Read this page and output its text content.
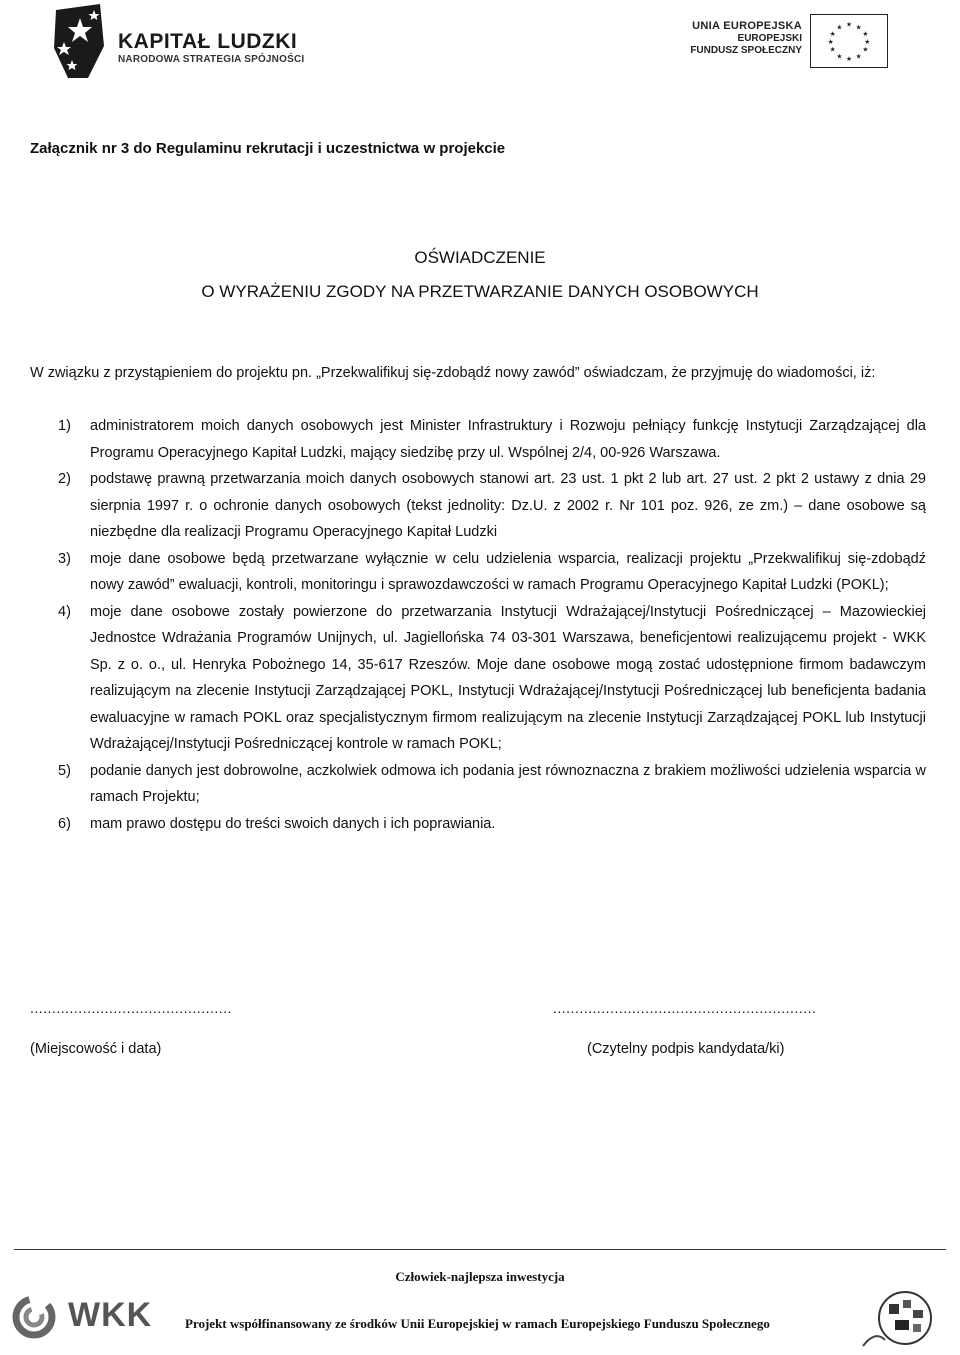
KAPITAŁ LUDZKI
NARODOWA STRATEGIA SPÓJNOŚCI
UNIA EUROPEJSKA
EUROPEJSKI
FUNDUSZ SPOŁECZNY
★ ★
★
★
★
★
★
★
★
★
★
★
Załącznik nr 3 do Regulaminu rekrutacji i uczestnictwa w projekcie
OŚWIADCZENIE
O WYRAŻENIU ZGODY NA PRZETWARZANIE DANYCH OSOBOWYCH
W związku z przystąpieniem do projektu pn. „Przekwalifikuj się-zdobądź nowy zawód” oświadczam, że przyjmuję do wiadomości, iż:
1) administratorem moich danych osobowych jest Minister Infrastruktury i Rozwoju pełniący funkcję Instytucji Zarządzającej dla Programu Operacyjnego Kapitał Ludzki, mający siedzibę przy ul. Wspólnej 2/4, 00-926 Warszawa.
2) podstawę prawną przetwarzania moich danych osobowych stanowi art. 23 ust. 1 pkt 2 lub art. 27 ust. 2 pkt 2 ustawy z dnia 29 sierpnia 1997 r. o ochronie danych osobowych (tekst jednolity: Dz.U. z 2002 r. Nr 101 poz. 926, ze zm.) – dane osobowe są niezbędne dla realizacji Programu Operacyjnego Kapitał Ludzki
3) moje dane osobowe będą przetwarzane wyłącznie w celu udzielenia wsparcia, realizacji projektu „Przekwalifikuj się-zdobądź nowy zawód” ewaluacji, kontroli, monitoringu i sprawozdawczości w ramach Programu Operacyjnego Kapitał Ludzki (POKL);
4) moje dane osobowe zostały powierzone do przetwarzania Instytucji Wdrażającej/Instytucji Pośredniczącej – Mazowieckiej Jednostce Wdrażania Programów Unijnych, ul. Jagiellońska 74 03-301 Warszawa, beneficjentowi realizującemu projekt - WKK Sp. z o. o., ul. Henryka Pobożnego 14, 35-617 Rzeszów. Moje dane osobowe mogą zostać udostępnione firmom badawczym realizującym na zlecenie Instytucji Zarządzającej POKL, Instytucji Wdrażającej/Instytucji Pośredniczącej lub beneficjenta badania ewaluacyjne w ramach POKL oraz specjalistycznym firmom realizującym na zlecenie Instytucji Zarządzającej POKL lub Instytucji Wdrażającej/Instytucji Pośredniczącej kontrole w ramach POKL;
5) podanie danych jest dobrowolne, aczkolwiek odmowa ich podania jest równoznaczna z brakiem możliwości udzielenia wsparcia w ramach Projektu;
6) mam prawo dostępu do treści swoich danych i ich poprawiania.
..............................................	............................................................
(Miejscowość i data)	(Czytelny podpis kandydata/ki)
Człowiek-najlepsza inwestycja
WKK	Projekt współfinansowany ze środków Unii Europejskiej w ramach Europejskiego Funduszu Społecznego
